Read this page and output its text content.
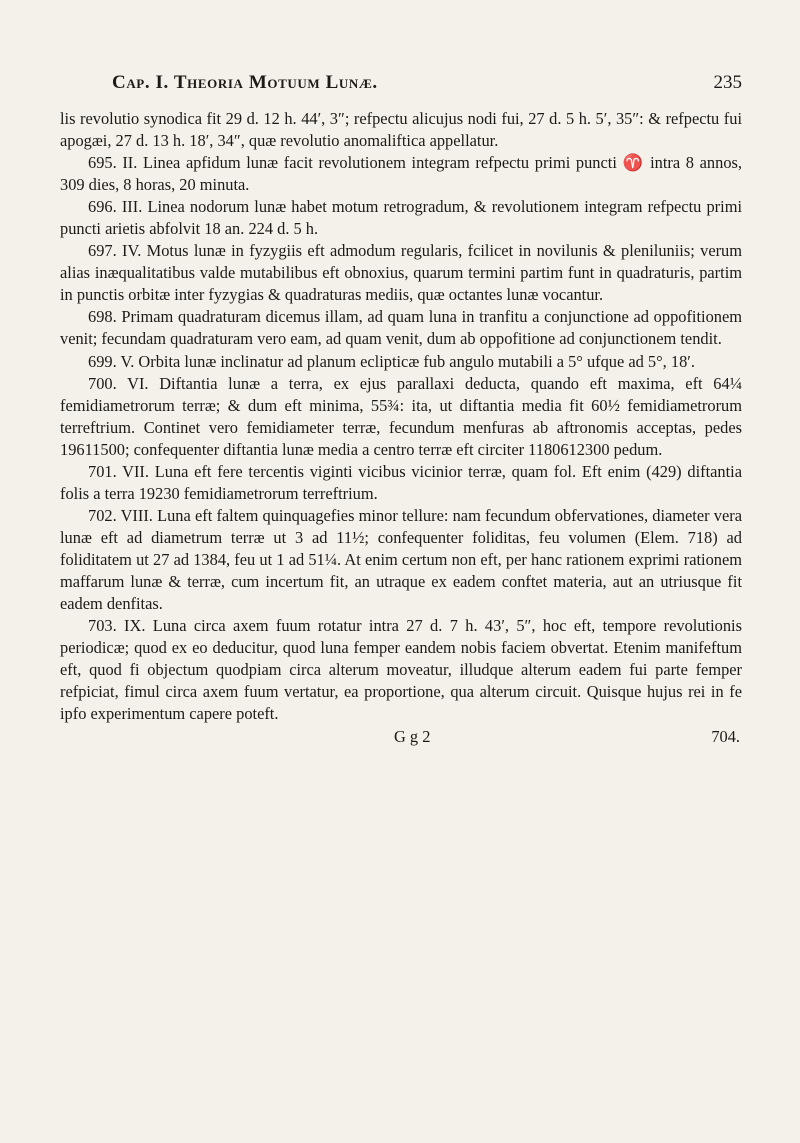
Cap. I. Theoria Motuum Lunæ.	235

lis revolutio synodica fit 29 d. 12 h. 44′, 3″; refpectu alicujus nodi fui, 27 d. 5 h. 5′, 35″: & refpectu fui apogæi, 27 d. 13 h. 18′, 34″, quæ revolutio anomaliftica appellatur.

695. II. Linea apfidum lunæ facit revolutionem integram refpectu primi puncti ♈ intra 8 annos, 309 dies, 8 horas, 20 minuta.

696. III. Linea nodorum lunæ habet motum retrogradum, & revolutionem integram refpectu primi puncti arietis abfolvit 18 an. 224 d. 5 h.

697. IV. Motus lunæ in fyzygiis eft admodum regularis, fcilicet in novilunis & pleniluniis; verum alias inæqualitatibus valde mutabilibus eft obnoxius, quarum termini partim funt in quadraturis, partim in punctis orbitæ inter fyzygias & quadraturas mediis, quæ octantes lunæ vocantur.

698. Primam quadraturam dicemus illam, ad quam luna in tranfitu a conjunctione ad oppofitionem venit; fecundam quadraturam vero eam, ad quam venit, dum ab oppofitione ad conjunctionem tendit.

699. V. Orbita lunæ inclinatur ad planum eclipticæ fub angulo mutabili a 5° ufque ad 5°, 18′.

700. VI. Diftantia lunæ a terra, ex ejus parallaxi deducta, quando eft maxima, eft 64¼ femidiametrorum terræ; & dum eft minima, 55¾: ita, ut diftantia media fit 60½ femidiametrorum terreftrium. Continet vero femidiameter terræ, fecundum menfuras ab aftronomis acceptas, pedes 19611500; confequenter diftantia lunæ media a centro terræ eft circiter 1180612300 pedum.

701. VII. Luna eft fere tercentis viginti vicibus vicinior terræ, quam fol. Eft enim (429) diftantia folis a terra 19230 femidiametrorum terreftrium.

702. VIII. Luna eft faltem quinquagefies minor tellure: nam fecundum obfervationes, diameter vera lunæ eft ad diametrum terræ ut 3 ad 11½; confequenter foliditas, feu volumen (Elem. 718) ad foliditatem ut 27 ad 1384, feu ut 1 ad 51¼. At enim certum non eft, per hanc rationem exprimi rationem maffarum lunæ & terræ, cum incertum fit, an utraque ex eadem conftet materia, aut an utriusque fit eadem denfitas.

703. IX. Luna circa axem fuum rotatur intra 27 d. 7 h. 43′, 5″, hoc eft, tempore revolutionis periodicæ; quod ex eo deducitur, quod luna femper eandem nobis faciem obvertat. Etenim manifeftum eft, quod fi objectum quodpiam circa alterum moveatur, illudque alterum eadem fui parte femper refpiciat, fimul circa axem fuum vertatur, ea proportione, qua alterum circuit. Quisque hujus rei in fe ipfo experimentum capere poteft.

G g 2	704.
